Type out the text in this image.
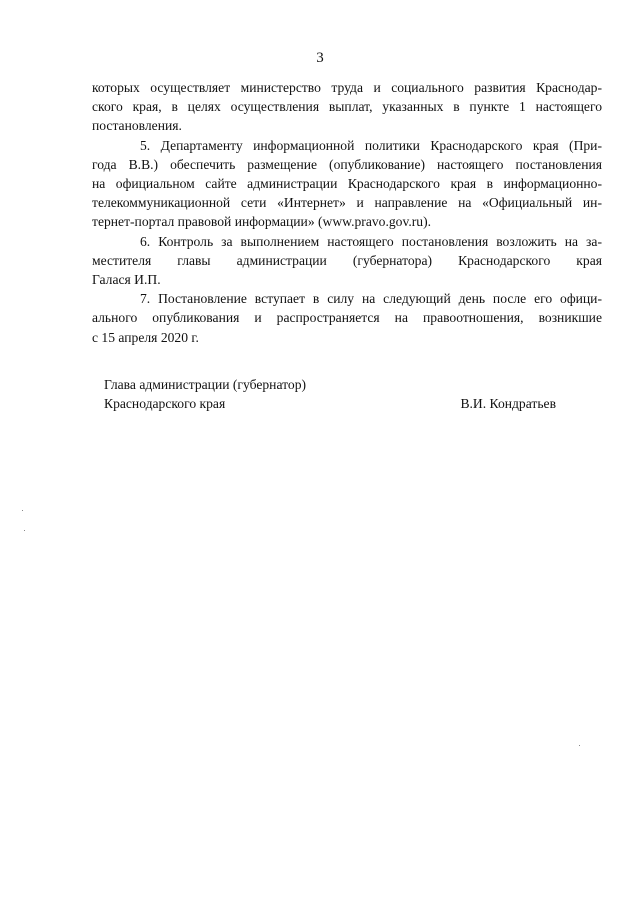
3

которых осуществляет министерство труда и социального развития Краснодар-
ского края, в целях осуществления выплат, указанных в пункте 1 настоящего
постановления.

5. Департаменту информационной политики Краснодарского края (При-
года В.В.) обеспечить размещение (опубликование) настоящего постановления
на официальном сайте администрации Краснодарского края в информационно-
телекоммуникационной сети «Интернет» и направление на «Официальный ин-
тернет-портал правовой информации» (www.pravo.gov.ru).

6. Контроль за выполнением настоящего постановления возложить на за-
местителя главы администрации (губернатора) Краснодарского края
Галася И.П.

7. Постановление вступает в силу на следующий день после его офици-
ального опубликования и распространяется на правоотношения, возникшие
с 15 апреля 2020 г.

Глава администрации (губернатор)
Краснодарского края	В.И. Кондратьев
